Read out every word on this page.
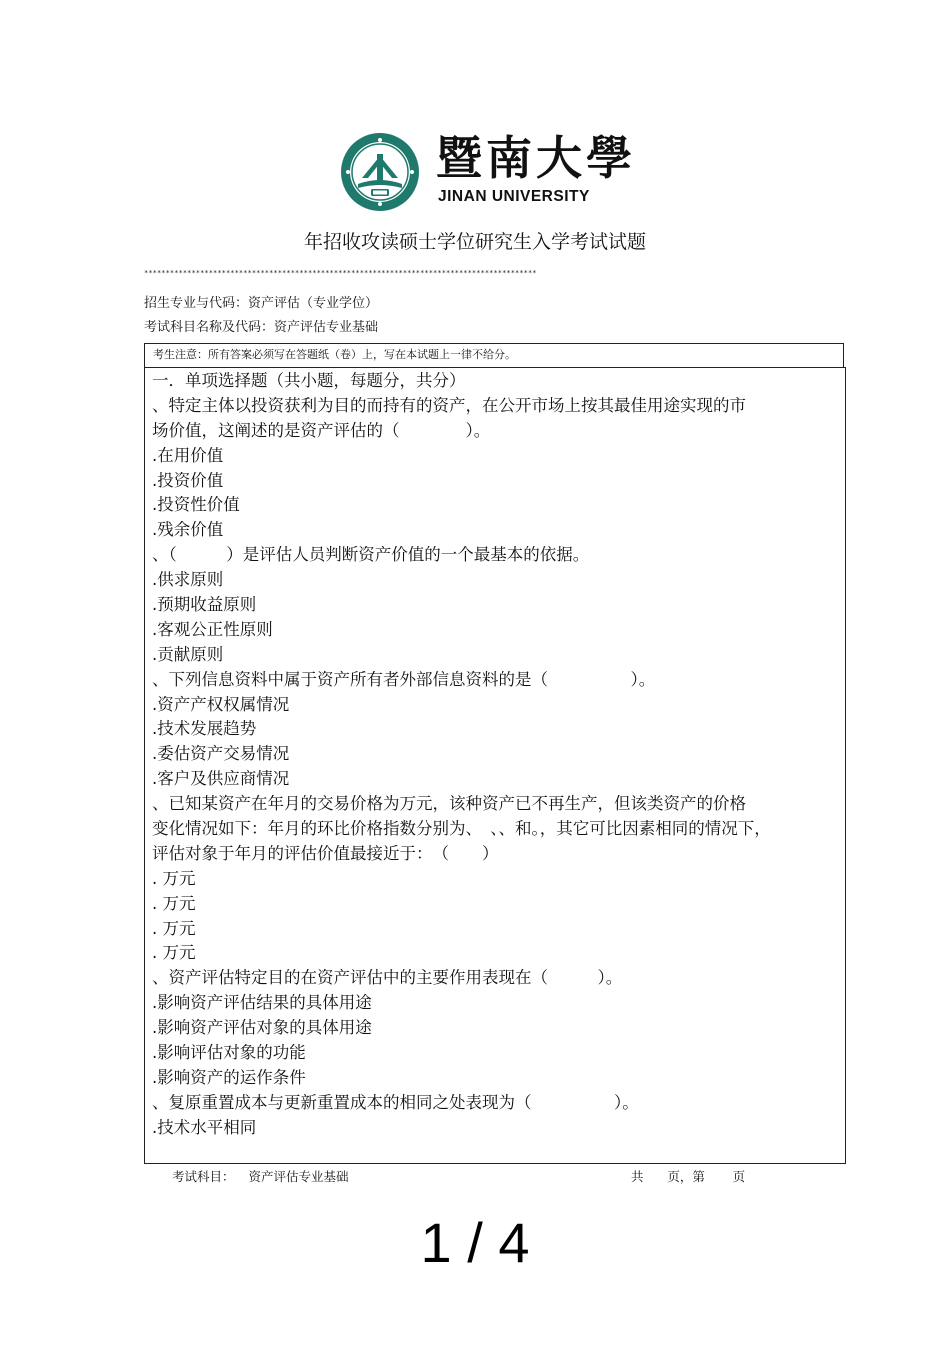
暨南大學
JINAN UNIVERSITY
年招收攻读硕士学位研究生入学考试试题
*******************************************************************************************
招生专业与代码：资产评估（专业学位）
考试科目名称及代码：资产评估专业基础
考生注意：所有答案必须写在答题纸（卷）上，写在本试题上一律不给分。
一．单项选择题（共小题，每题分，共分）
、特定主体以投资获利为目的而持有的资产，在公开市场上按其最佳用途实现的市
场价值，这阐述的是资产评估的（　　　　）。
.在用价值
.投资价值
.投资性价值
.残余价值
、（　　　）是评估人员判断资产价值的一个最基本的依据。
.供求原则
.预期收益原则
.客观公正性原则
.贡献原则
、下列信息资料中属于资产所有者外部信息资料的是（　　　　　）。
.资产产权权属情况
.技术发展趋势
.委估资产交易情况
.客户及供应商情况
、已知某资产在年月的交易价格为万元，该种资产已不再生产，但该类资产的价格
变化情况如下：年月的环比价格指数分别为、　、、和。，其它可比因素相同的情况下，
评估对象于年月的评估价值最接近于：　（　　）
. 万元
. 万元
. 万元
. 万元
、资产评估特定目的在资产评估中的主要作用表现在（　　　）。
.影响资产评估结果的具体用途
.影响资产评估对象的具体用途
.影响评估对象的功能
.影响资产的运作条件
、复原重置成本与更新重置成本的相同之处表现为（　　　　　）。
.技术水平相同
考试科目： 资产评估专业基础	共      页，第       页
1 / 4
